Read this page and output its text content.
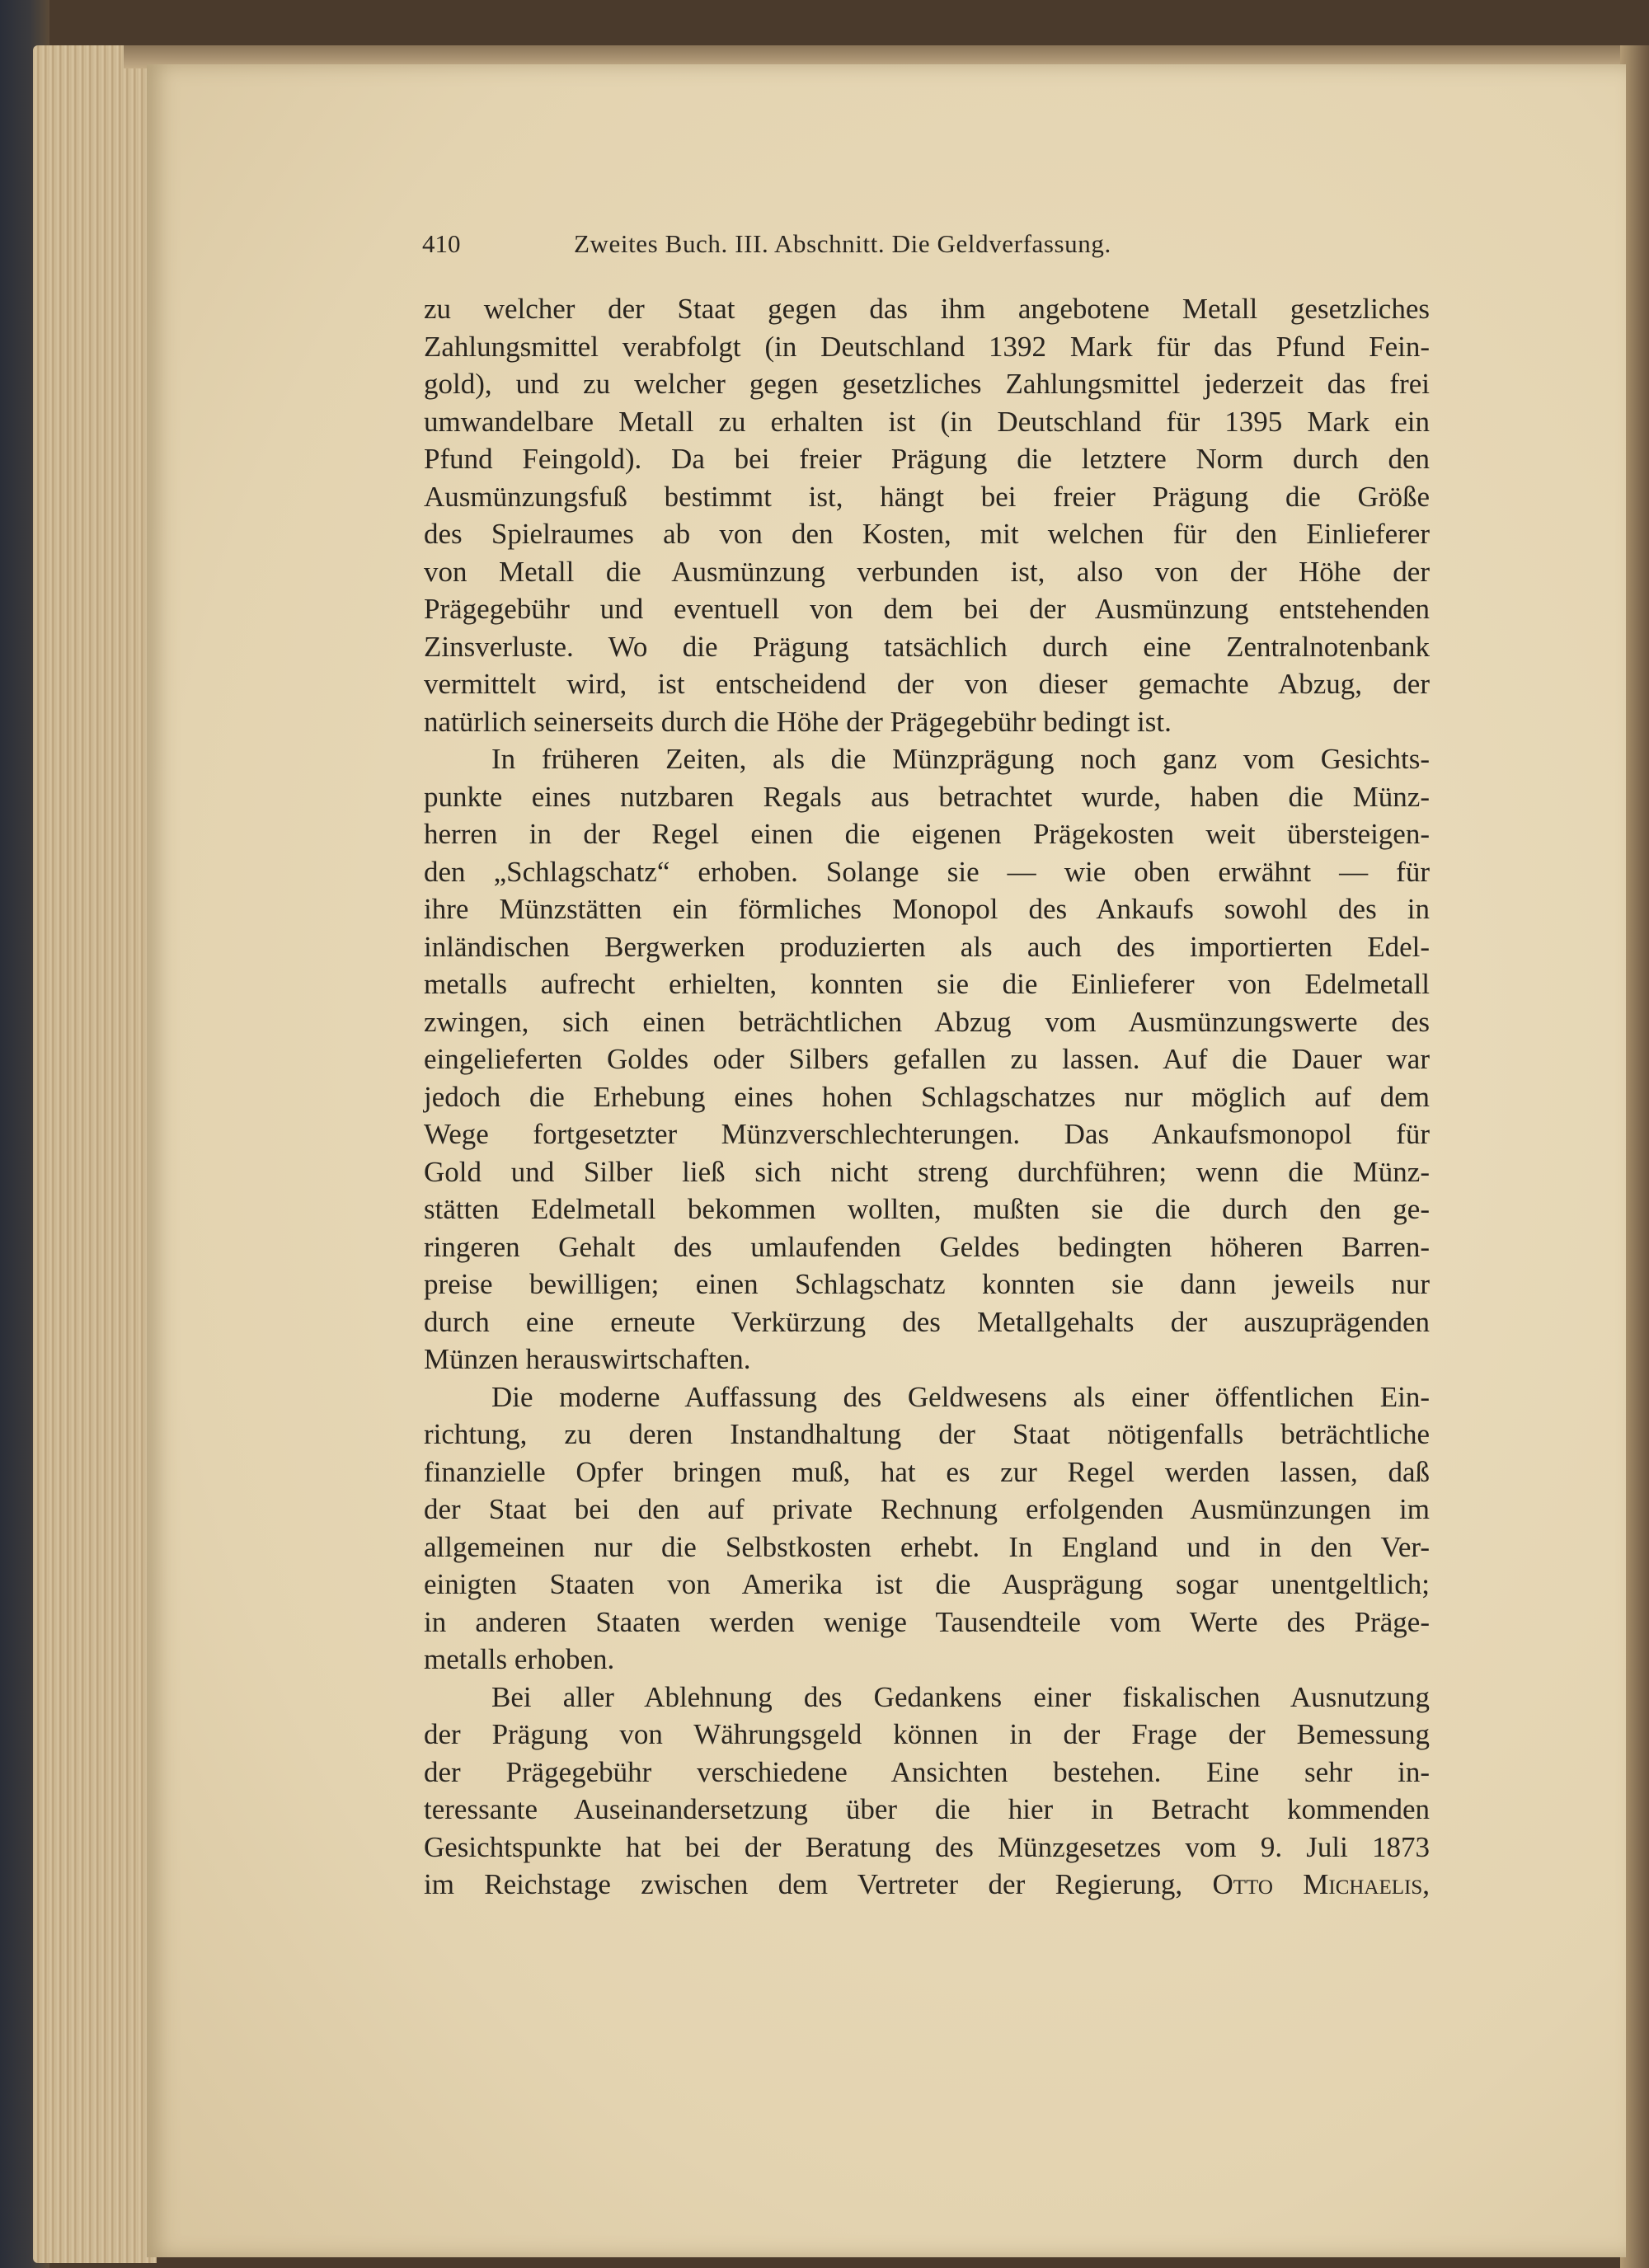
410	Zweites Buch. III. Abschnitt. Die Geldverfassung.
zu welcher der Staat gegen das ihm angebotene Metall gesetzliches
Zahlungsmittel verabfolgt (in Deutschland 1392 Mark für das Pfund Fein-
gold), und zu welcher gegen gesetzliches Zahlungsmittel jederzeit das frei
umwandelbare Metall zu erhalten ist (in Deutschland für 1395 Mark ein
Pfund Feingold). Da bei freier Prägung die letztere Norm durch den
Ausmünzungsfuß bestimmt ist, hängt bei freier Prägung die Größe
des Spielraumes ab von den Kosten, mit welchen für den Einlieferer
von Metall die Ausmünzung verbunden ist, also von der Höhe der
Prägegebühr und eventuell von dem bei der Ausmünzung entstehenden
Zinsverluste. Wo die Prägung tatsächlich durch eine Zentralnotenbank
vermittelt wird, ist entscheidend der von dieser gemachte Abzug, der
natürlich seinerseits durch die Höhe der Prägegebühr bedingt ist.
In früheren Zeiten, als die Münzprägung noch ganz vom Gesichts-
punkte eines nutzbaren Regals aus betrachtet wurde, haben die Münz-
herren in der Regel einen die eigenen Prägekosten weit übersteigen-
den „Schlagschatz“ erhoben. Solange sie — wie oben erwähnt — für
ihre Münzstätten ein förmliches Monopol des Ankaufs sowohl des in
inländischen Bergwerken produzierten als auch des importierten Edel-
metalls aufrecht erhielten, konnten sie die Einlieferer von Edelmetall
zwingen, sich einen beträchtlichen Abzug vom Ausmünzungswerte des
eingelieferten Goldes oder Silbers gefallen zu lassen. Auf die Dauer war
jedoch die Erhebung eines hohen Schlagschatzes nur möglich auf dem
Wege fortgesetzter Münzverschlechterungen. Das Ankaufsmonopol für
Gold und Silber ließ sich nicht streng durchführen; wenn die Münz-
stätten Edelmetall bekommen wollten, mußten sie die durch den ge-
ringeren Gehalt des umlaufenden Geldes bedingten höheren Barren-
preise bewilligen; einen Schlagschatz konnten sie dann jeweils nur
durch eine erneute Verkürzung des Metallgehalts der auszuprägenden
Münzen herauswirtschaften.
Die moderne Auffassung des Geldwesens als einer öffentlichen Ein-
richtung, zu deren Instandhaltung der Staat nötigenfalls beträchtliche
finanzielle Opfer bringen muß, hat es zur Regel werden lassen, daß
der Staat bei den auf private Rechnung erfolgenden Ausmünzungen im
allgemeinen nur die Selbstkosten erhebt. In England und in den Ver-
einigten Staaten von Amerika ist die Ausprägung sogar unentgeltlich;
in anderen Staaten werden wenige Tausendteile vom Werte des Präge-
metalls erhoben.
Bei aller Ablehnung des Gedankens einer fiskalischen Ausnutzung
der Prägung von Währungsgeld können in der Frage der Bemessung
der Prägegebühr verschiedene Ansichten bestehen. Eine sehr in-
teressante Auseinandersetzung über die hier in Betracht kommenden
Gesichtspunkte hat bei der Beratung des Münzgesetzes vom 9. Juli 1873
im Reichstage zwischen dem Vertreter der Regierung, Otto Michaelis,
